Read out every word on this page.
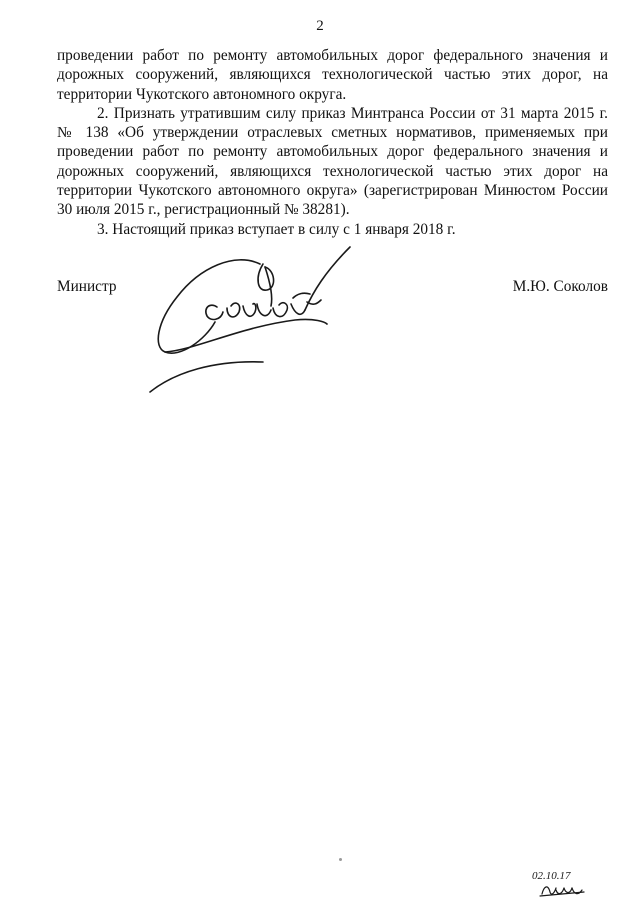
2

проведении работ по ремонту автомобильных дорог федерального значения и дорожных сооружений, являющихся технологической частью этих дорог, на территории Чукотского автономного округа.

2. Признать утратившим силу приказ Минтранса России от 31 марта 2015 г. № 138 «Об утверждении отраслевых сметных нормативов, применяемых при проведении работ по ремонту автомобильных дорог федерального значения и дорожных сооружений, являющихся технологической частью этих дорог на территории Чукотского автономного округа» (зарегистрирован Минюстом России 30 июля 2015 г., регистрационный № 38281).

3. Настоящий приказ вступает в силу с 1 января 2018 г.

Министр	М.Ю. Соколов
02.10.17
